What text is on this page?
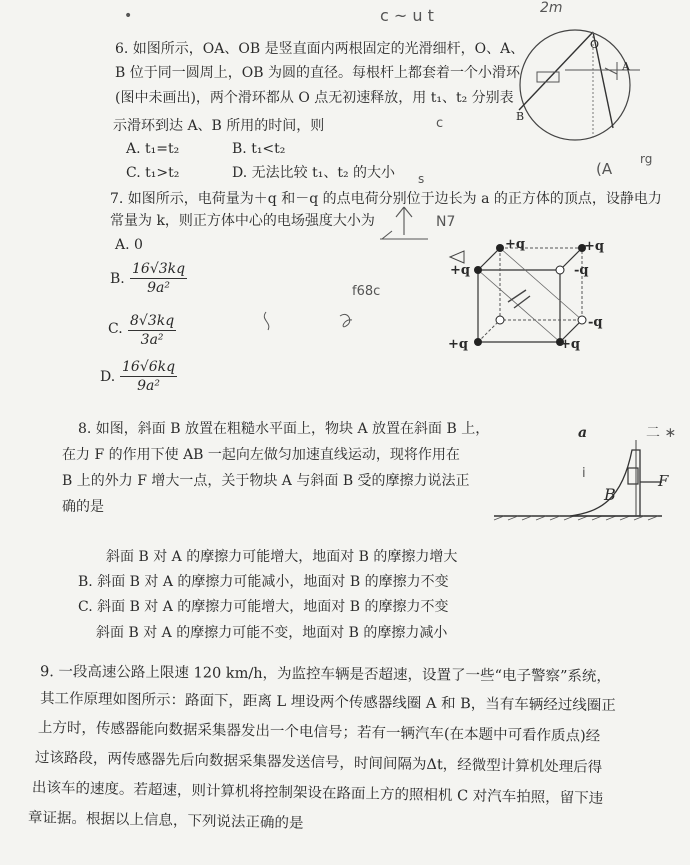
c ~ u t	2m
•
6. 如图所示，OA、OB 是竖直面内两根固定的光滑细杆，O、A、
B 位于同一圆周上，OB 为圆的直径。每根杆上都套着一个小滑环
(图中未画出)，两个滑环都从 O 点无初速释放，用 t₁、t₂ 分别表
示滑环到达 A、B 所用的时间，则
A. t₁=t₂	B. t₁<t₂
C. t₁>t₂	D. 无法比较 t₁、t₂ 的大小
c
O
A
B
(A
rg
s
7. 如图所示，电荷量为＋q 和－q 的点电荷分别位于边长为 a 的正方体的顶点，设静电力
常量为 k，则正方体中心的电场强度大小为
A. 0
B. $\frac{16√3kq}{\text{9a²}}$
C. $\frac{8√3kq}{\text{3a²}}$
D. $\frac{16√6kq}{\text{9a²}}$
N7
f68c
+q	+q
+q	-q
+q	+q
-q
8. 如图，斜面 B 放置在粗糙水平面上，物块 A 放置在斜面 B 上，
在力 F 的作用下使 AB 一起向左做匀加速直线运动，现将作用在
B 上的外力 F 增大一点，关于物块 A 与斜面 B 受的摩擦力说法正
确的是
斜面 B 对 A 的摩擦力可能增大，地面对 B 的摩擦力增大
B. 斜面 B 对 A 的摩擦力可能减小，地面对 B 的摩擦力不变
C. 斜面 B 对 A 的摩擦力可能增大，地面对 B 的摩擦力不变
斜面 B 对 A 的摩擦力可能不变，地面对 B 的摩擦力减小
a
B
F
二 ∗
i
9. 一段高速公路上限速 120 km/h，为监控车辆是否超速，设置了一些“电子警察”系统，
其工作原理如图所示：路面下，距离 L 埋设两个传感器线圈 A 和 B，当有车辆经过线圈正
上方时，传感器能向数据采集器发出一个电信号；若有一辆汽车(在本题中可看作质点)经
过该路段，两传感器先后向数据采集器发送信号，时间间隔为Δt，经微型计算机处理后得
出该车的速度。若超速，则计算机将控制架设在路面上方的照相机 C 对汽车拍照，留下违
章证据。根据以上信息，下列说法正确的是
